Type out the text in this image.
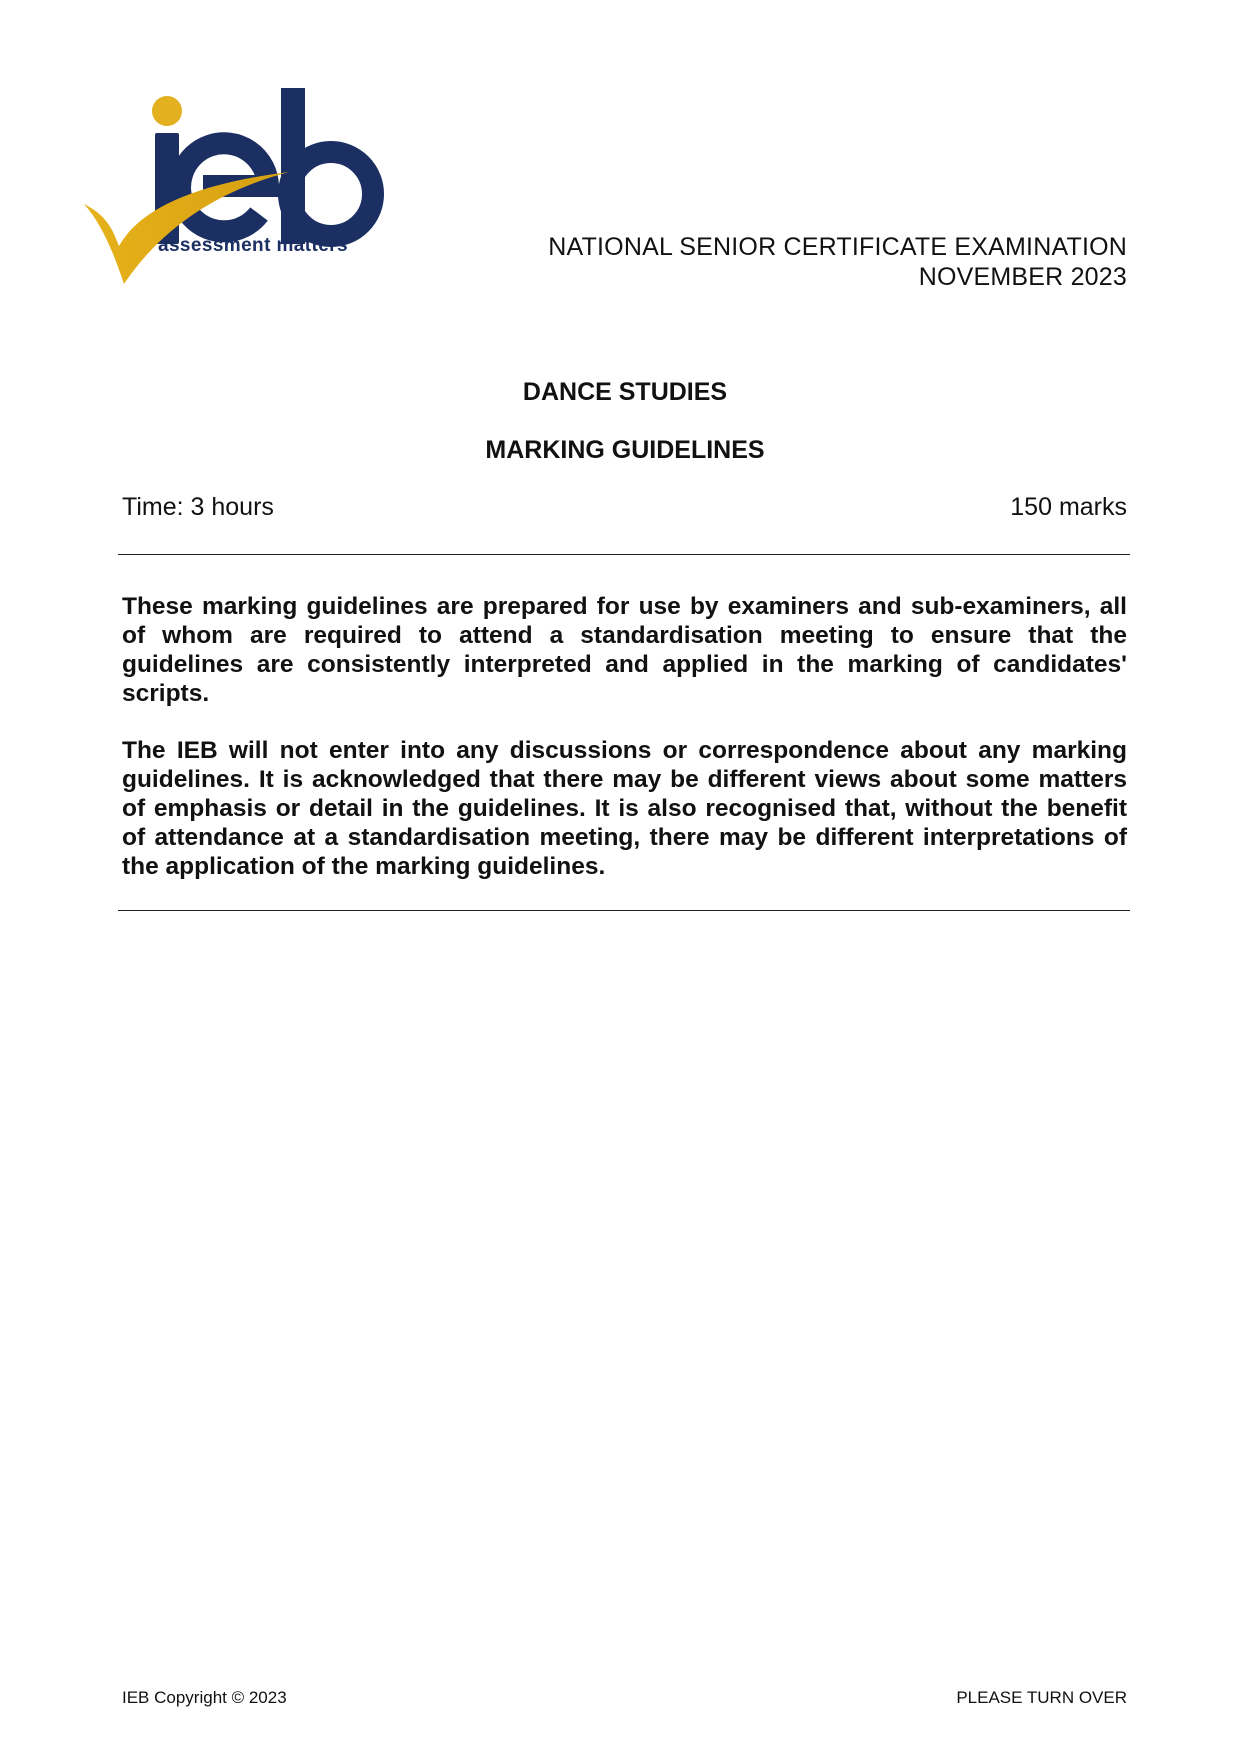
assessment matters	NATIONAL SENIOR CERTIFICATE EXAMINATION
NOVEMBER 2023
DANCE STUDIES
MARKING GUIDELINES
Time: 3 hours	150 marks

These marking guidelines are prepared for use by examiners and sub-examiners, all of whom are required to attend a standardisation meeting to ensure that the guidelines are consistently interpreted and applied in the marking of candidates' scripts.

The IEB will not enter into any discussions or correspondence about any marking guidelines. It is acknowledged that there may be different views about some matters of emphasis or detail in the guidelines. It is also recognised that, without the benefit of attendance at a standardisation meeting, there may be different interpretations of the application of the marking guidelines.

IEB Copyright © 2023	PLEASE TURN OVER
